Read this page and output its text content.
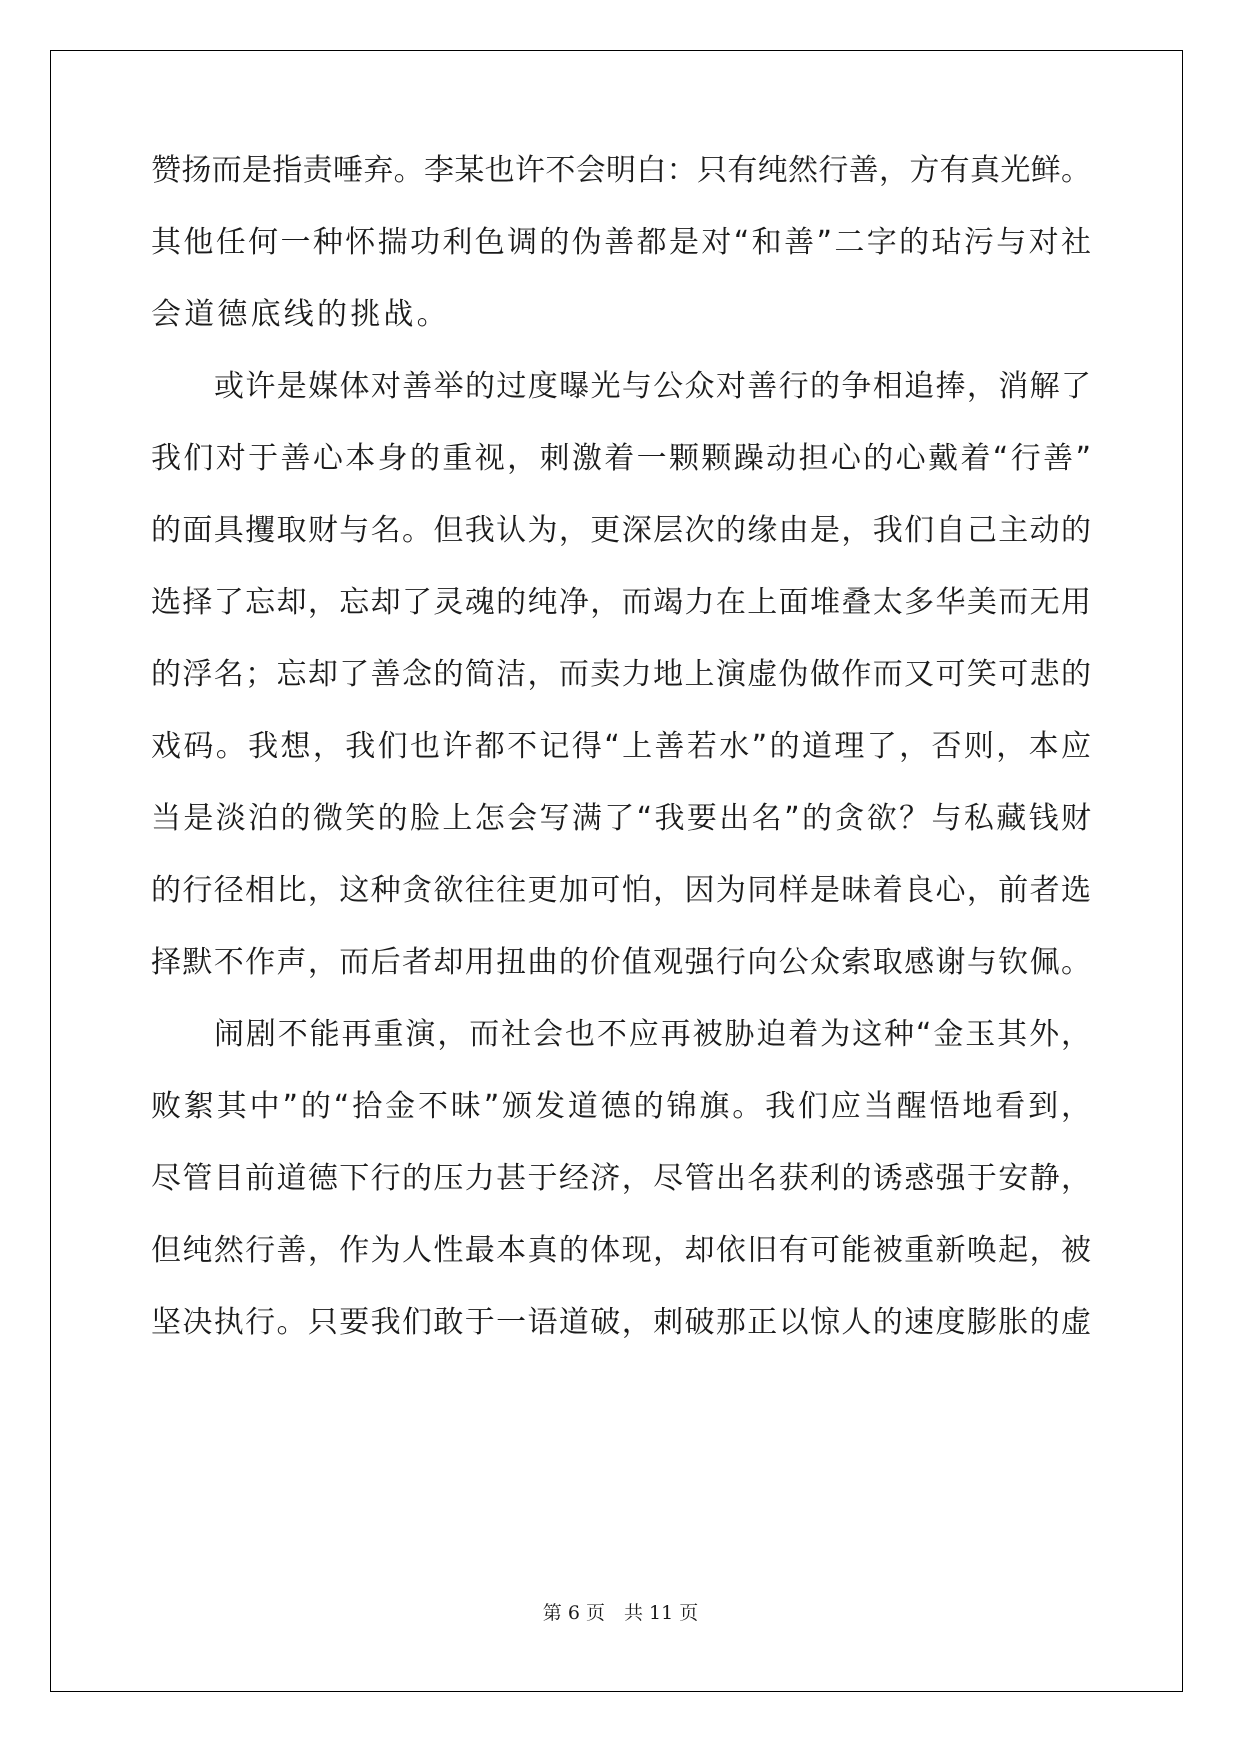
赞扬而是指责唾弃。李某也许不会明白：只有纯然行善，方有真光鲜。
其他任何一种怀揣功利色调的伪善都是对“和善”二字的玷污与对社
会道德底线的挑战。
或许是媒体对善举的过度曝光与公众对善行的争相追捧，消解了
我们对于善心本身的重视，刺激着一颗颗躁动担心的心戴着“行善”
的面具攫取财与名。但我认为，更深层次的缘由是，我们自己主动的
选择了忘却，忘却了灵魂的纯净，而竭力在上面堆叠太多华美而无用
的浮名；忘却了善念的简洁，而卖力地上演虚伪做作而又可笑可悲的
戏码。我想，我们也许都不记得“上善若水”的道理了，否则，本应
当是淡泊的微笑的脸上怎会写满了“我要出名”的贪欲？与私藏钱财
的行径相比，这种贪欲往往更加可怕，因为同样是昧着良心，前者选
择默不作声，而后者却用扭曲的价值观强行向公众索取感谢与钦佩。
闹剧不能再重演，而社会也不应再被胁迫着为这种“金玉其外，
败絮其中”的“拾金不昧”颁发道德的锦旗。我们应当醒悟地看到，
尽管目前道德下行的压力甚于经济，尽管出名获利的诱惑强于安静，
但纯然行善，作为人性最本真的体现，却依旧有可能被重新唤起，被
坚决执行。只要我们敢于一语道破，刺破那正以惊人的速度膨胀的虚
第 6 页　共 11 页
